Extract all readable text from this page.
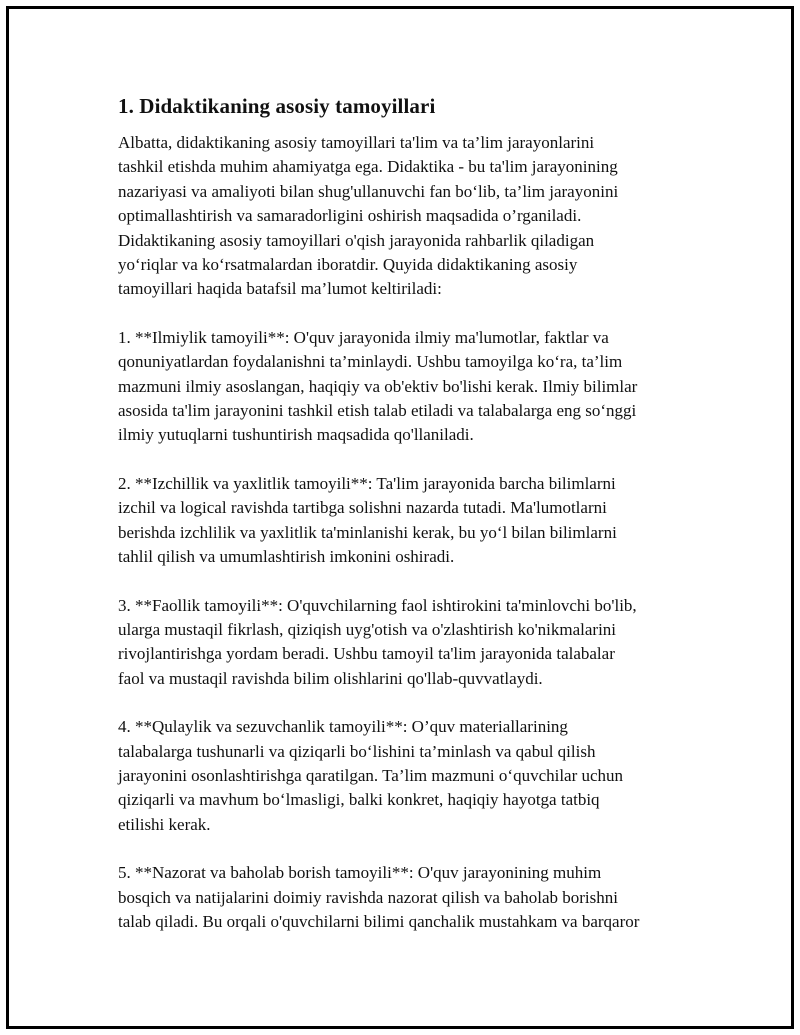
1. Didaktikaning asosiy tamoyillari
Albatta, didaktikaning asosiy tamoyillari ta'lim va ta’lim jarayonlarini
tashkil etishda muhim ahamiyatga ega. Didaktika - bu ta'lim jarayonining
nazariyasi va amaliyoti bilan shug'ullanuvchi fan bo‘lib, ta’lim jarayonini
optimallashtirish va samaradorligini oshirish maqsadida o’rganiladi.
Didaktikaning asosiy tamoyillari o'qish jarayonida rahbarlik qiladigan
yo‘riqlar va ko‘rsatmalardan iboratdir. Quyida didaktikaning asosiy
tamoyillari haqida batafsil ma’lumot keltiriladi:
1. **Ilmiylik tamoyili**: O'quv jarayonida ilmiy ma'lumotlar, faktlar va
qonuniyatlardan foydalanishni ta’minlaydi. Ushbu tamoyilga ko‘ra, ta’lim
mazmuni ilmiy asoslangan, haqiqiy va ob'ektiv bo'lishi kerak. Ilmiy bilimlar
asosida ta'lim jarayonini tashkil etish talab etiladi va talabalarga eng so‘nggi
ilmiy yutuqlarni tushuntirish maqsadida qo'llaniladi.
2. **Izchillik va yaxlitlik tamoyili**: Ta'lim jarayonida barcha bilimlarni
izchil va logical ravishda tartibga solishni nazarda tutadi. Ma'lumotlarni
berishda izchlilik va yaxlitlik ta'minlanishi kerak, bu yo‘l bilan bilimlarni
tahlil qilish va umumlashtirish imkonini oshiradi.
3. **Faollik tamoyili**: O'quvchilarning faol ishtirokini ta'minlovchi bo'lib,
ularga mustaqil fikrlash, qiziqish uyg'otish va o'zlashtirish ko'nikmalarini
rivojlantirishga yordam beradi. Ushbu tamoyil ta'lim jarayonida talabalar
faol va mustaqil ravishda bilim olishlarini qo'llab-quvvatlaydi.
4. **Qulaylik va sezuvchanlik tamoyili**: O’quv materiallarining
talabalarga tushunarli va qiziqarli bo‘lishini ta’minlash va qabul qilish
jarayonini osonlashtirishga qaratilgan. Ta’lim mazmuni o‘quvchilar uchun
qiziqarli va mavhum bo‘lmasligi, balki konkret, haqiqiy hayotga tatbiq
etilishi kerak.
5. **Nazorat va baholab borish tamoyili**: O'quv jarayonining muhim
bosqich va natijalarini doimiy ravishda nazorat qilish va baholab borishni
talab qiladi. Bu orqali o'quvchilarni bilimi qanchalik mustahkam va barqaror
